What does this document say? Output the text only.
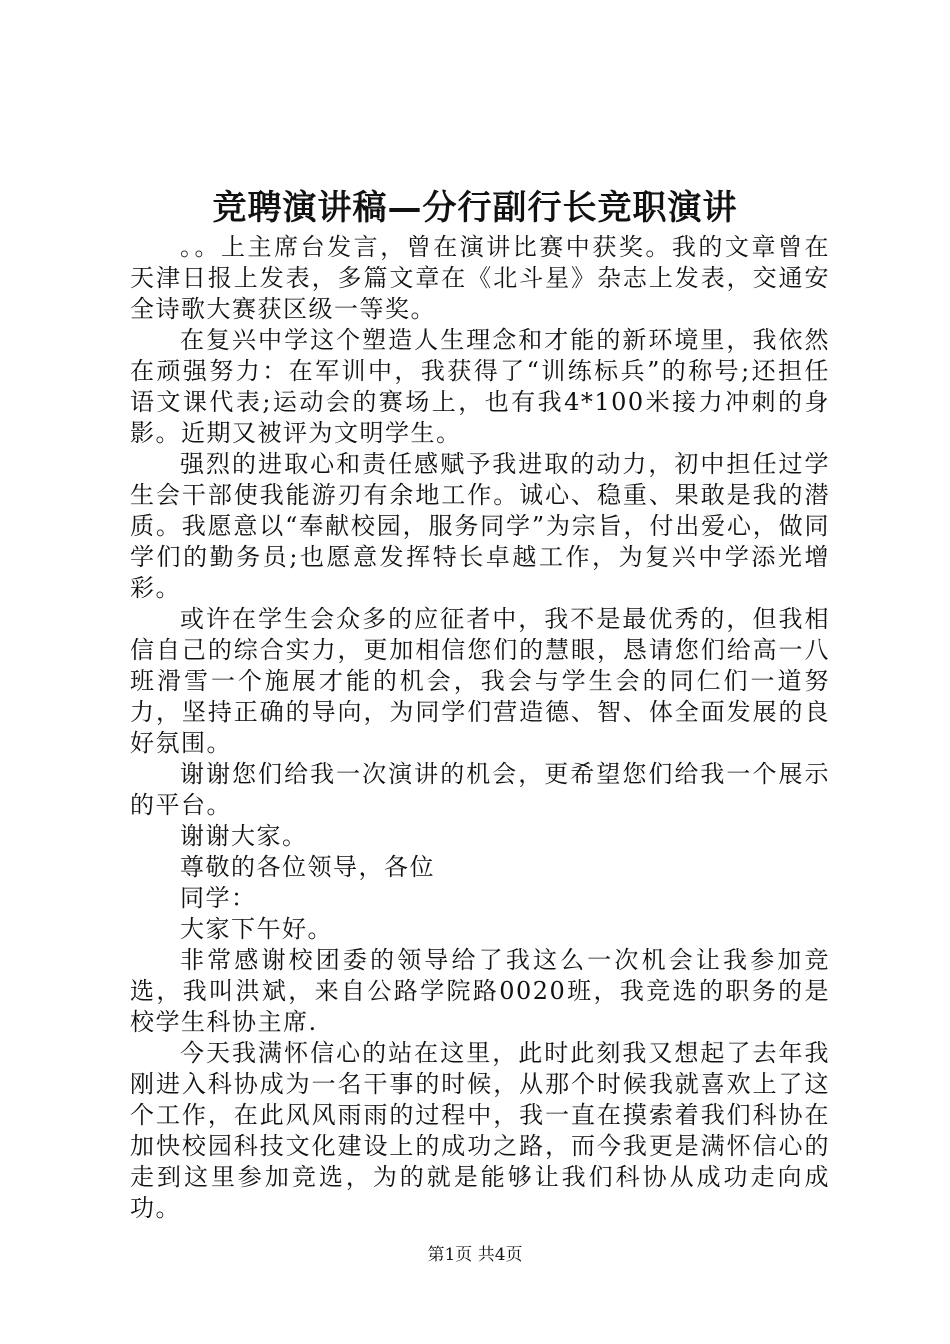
竞聘演讲稿—分行副行长竞职演讲

。。上主席台发言，曾在演讲比赛中获奖。我的文章曾在天津日报上发表，多篇文章在《北斗星》杂志上发表，交通安全诗歌大赛获区级一等奖。

在复兴中学这个塑造人生理念和才能的新环境里，我依然在顽强努力：在军训中，我获得了“训练标兵”的称号;还担任语文课代表;运动会的赛场上，也有我4*100米接力冲刺的身影。近期又被评为文明学生。

强烈的进取心和责任感赋予我进取的动力，初中担任过学生会干部使我能游刃有余地工作。诚心、稳重、果敢是我的潜质。我愿意以“奉献校园，服务同学”为宗旨，付出爱心，做同学们的勤务员;也愿意发挥特长卓越工作，为复兴中学添光增彩。

或许在学生会众多的应征者中，我不是最优秀的，但我相信自己的综合实力，更加相信您们的慧眼，恳请您们给高一八班滑雪一个施展才能的机会，我会与学生会的同仁们一道努力，坚持正确的导向，为同学们营造德、智、体全面发展的良好氛围。

谢谢您们给我一次演讲的机会，更希望您们给我一个展示的平台。

谢谢大家。

尊敬的各位领导，各位

同学：

大家下午好。

非常感谢校团委的领导给了我这么一次机会让我参加竞选，我叫洪斌，来自公路学院路0020班，我竞选的职务的是校学生科协主席.

今天我满怀信心的站在这里，此时此刻我又想起了去年我刚进入科协成为一名干事的时候，从那个时候我就喜欢上了这个工作，在此风风雨雨的过程中，我一直在摸索着我们科协在加快校园科技文化建设上的成功之路，而今我更是满怀信心的走到这里参加竞选，为的就是能够让我们科协从成功走向成功。

第1页 共4页
